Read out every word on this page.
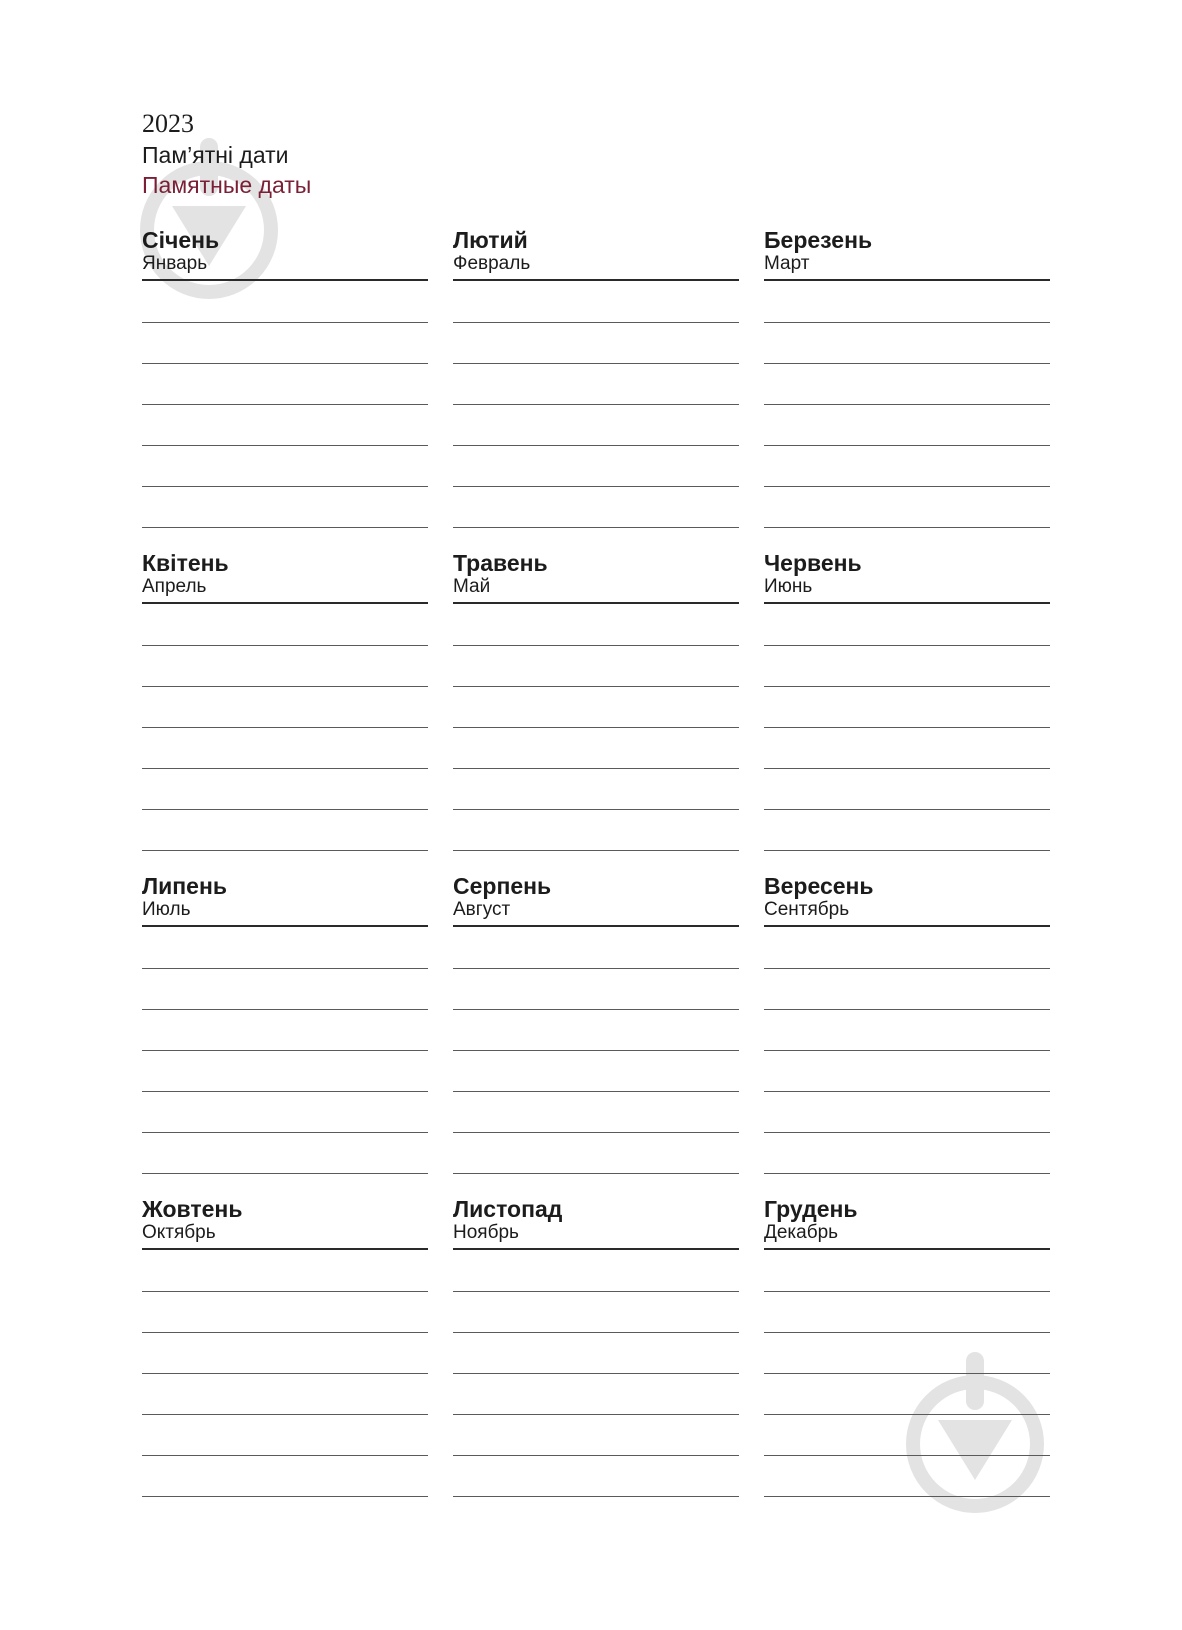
2023
Пам’ятні дати
Памятные даты
Січень
Январь
Лютий
Февраль
Березень
Март
Квітень
Апрель
Травень
Май
Червень
Июнь
Липень
Июль
Серпень
Август
Вересень
Сентябрь
Жовтень
Октябрь
Листопад
Ноябрь
Грудень
Декабрь
